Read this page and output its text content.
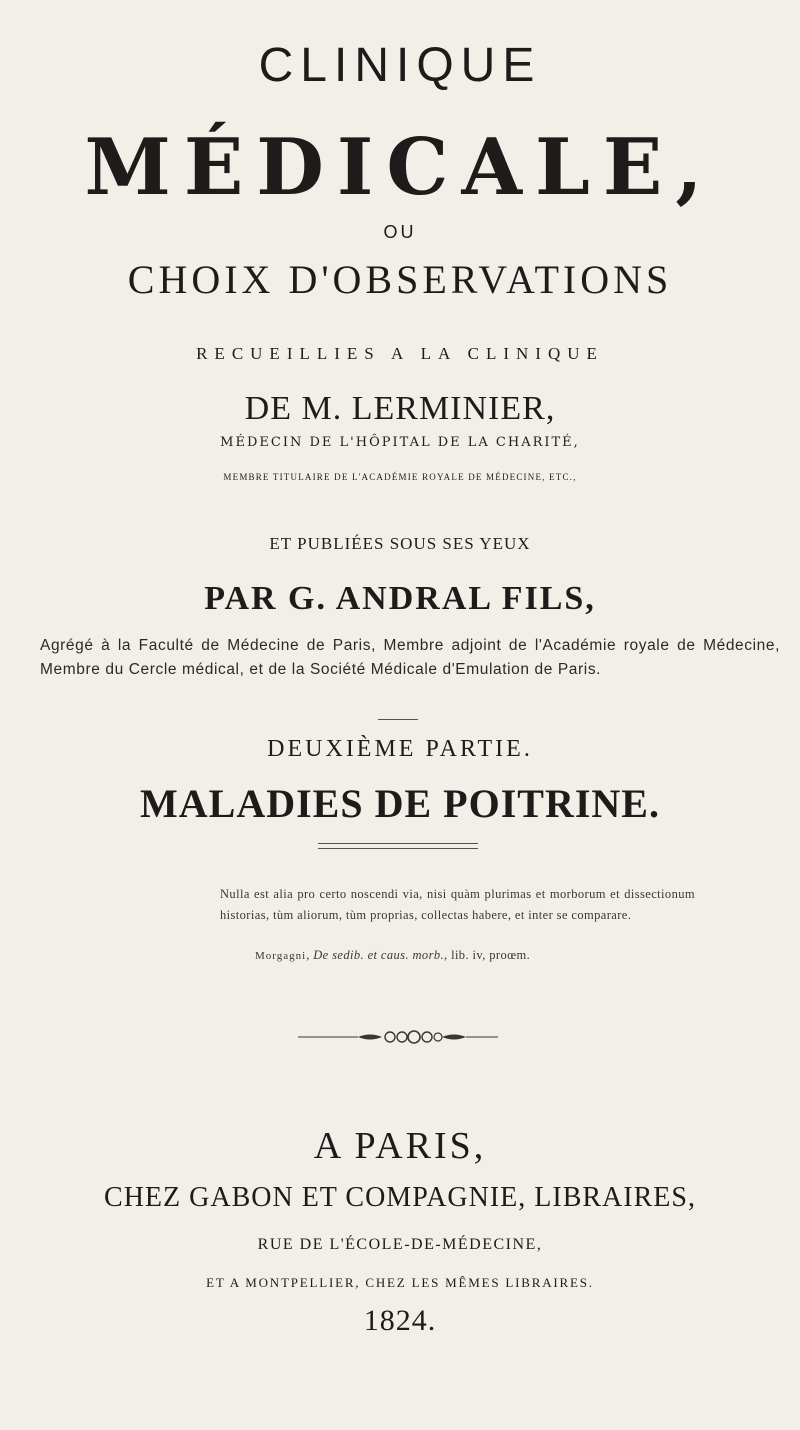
CLINIQUE
MÉDICALE,
OU
CHOIX D'OBSERVATIONS
RECUEILLIES A LA CLINIQUE
DE M. LERMINIER,
MÉDECIN DE L'HÔPITAL DE LA CHARITÉ,
MEMBRE TITULAIRE DE L'ACADÉMIE ROYALE DE MÉDECINE, ETC.,
ET PUBLIÉES SOUS SES YEUX
PAR G. ANDRAL FILS,
Agrégé à la Faculté de Médecine de Paris, Membre adjoint de l'Académie royale de Médecine, Membre du Cercle médical, et de la Société Médicale d'Emulation de Paris.
DEUXIÈME PARTIE.
MALADIES DE POITRINE.
Nulla est alia pro certo noscendi via, nisi quàm plurimas et morborum et dissectionum historias, tùm aliorum, tùm proprias, collectas habere, et inter se comparare.
Morgagni, De sedib. et caus. morb., lib. iv, proœm.
A PARIS,
CHEZ GABON ET COMPAGNIE, LIBRAIRES,
RUE DE L'ÉCOLE-DE-MÉDECINE,
ET A MONTPELLIER, CHEZ LES MÊMES LIBRAIRES.
1824.
